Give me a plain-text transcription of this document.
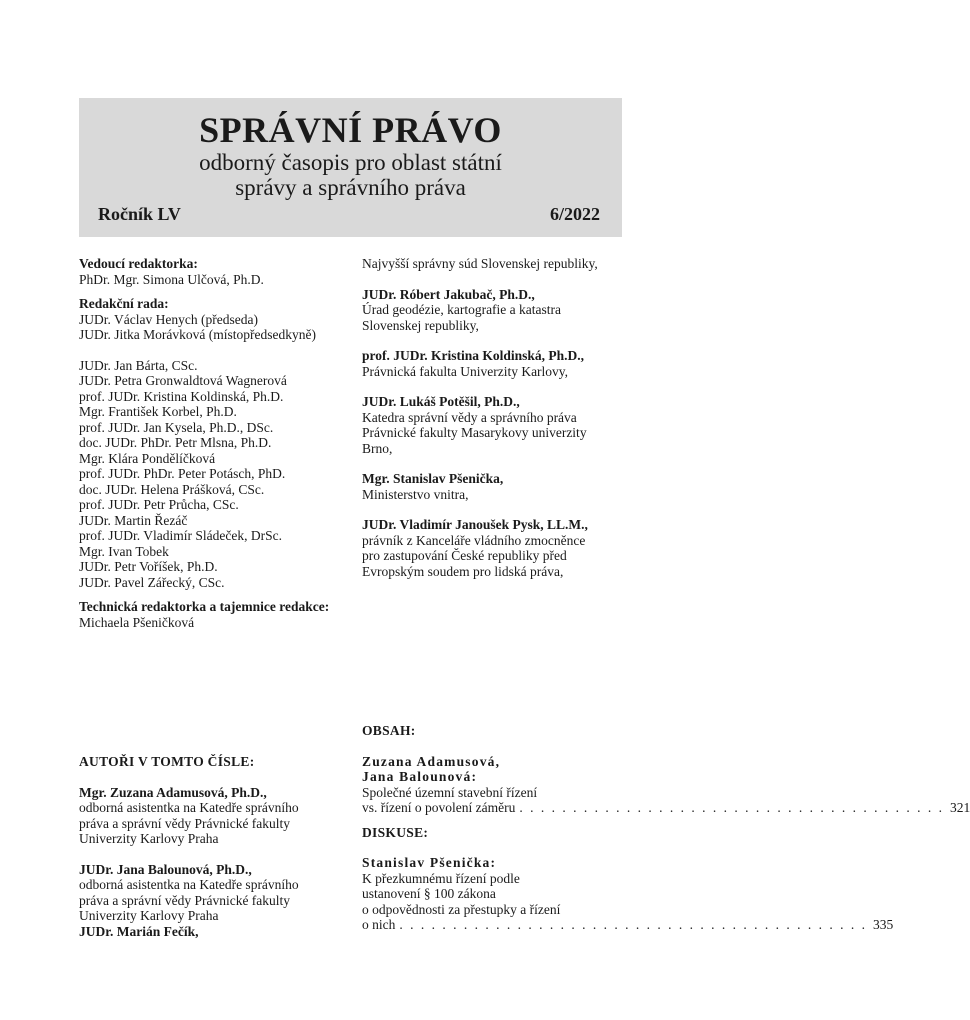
SPRÁVNÍ PRÁVO
odborný časopis pro oblast státní
správy a správního práva
Ročník LV	6/2022
Vedoucí redaktorka:
PhDr. Mgr. Simona Ulčová, Ph.D.
Redakční rada:
JUDr. Václav Henych (předseda)
JUDr. Jitka Morávková (místopředsedkyně)
JUDr. Jan Bárta, CSc.
JUDr. Petra Gronwaldtová Wagnerová
prof. JUDr. Kristina Koldinská, Ph.D.
Mgr. František Korbel, Ph.D.
prof. JUDr. Jan Kysela, Ph.D., DSc.
doc. JUDr. PhDr. Petr Mlsna, Ph.D.
Mgr. Klára Pondělíčková
prof. JUDr. PhDr. Peter Potásch, PhD.
doc. JUDr. Helena Prášková, CSc.
prof. JUDr. Petr Průcha, CSc.
JUDr. Martin Řezáč
prof. JUDr. Vladimír Sládeček, DrSc.
Mgr. Ivan Tobek
JUDr. Petr Voříšek, Ph.D.
JUDr. Pavel Zářecký, CSc.
Technická redaktorka a tajemnice redakce:
Michaela Pšeničková
Najvyšší správny súd Slovenskej republiky,
JUDr. Róbert Jakubač, Ph.D.,
Úrad geodézie, kartografie a katastra
Slovenskej republiky,
prof. JUDr. Kristina Koldinská, Ph.D.,
Právnická fakulta Univerzity Karlovy,
JUDr. Lukáš Potěšil, Ph.D.,
Katedra správní vědy a správního práva
Právnické fakulty Masarykovy univerzity
Brno,
Mgr. Stanislav Pšenička,
Ministerstvo vnitra,
JUDr. Vladimír Janoušek Pysk, LL.M.,
právník z Kanceláře vládního zmocněnce
pro zastupování České republiky před
Evropským soudem pro lidská práva,
AUTOŘI V TOMTO ČÍSLE:
Mgr. Zuzana Adamusová, Ph.D.,
odborná asistentka na Katedře správního
práva a správní vědy Právnické fakulty
Univerzity Karlovy Praha
JUDr. Jana Balounová, Ph.D.,
odborná asistentka na Katedře správního
práva a správní vědy Právnické fakulty
Univerzity Karlovy Praha
JUDr. Marián Fečík,
OBSAH:
Zuzana Adamusová,
Jana Balounová:
Společné územní stavební řízení
vs. řízení o povolení záměru . . . . . . . . . . . . . . . . . . . . . . . . . . . . . . . . . . . . . . . . 321
DISKUSE:
Stanislav Pšenička:
K přezkumnému řízení podle
ustanovení § 100 zákona
o odpovědnosti za přestupky a řízení
o nich . . . . . . . . . . . . . . . . . . . . . . . . . . . . . . . . . . . . . . . . . . . . 335
